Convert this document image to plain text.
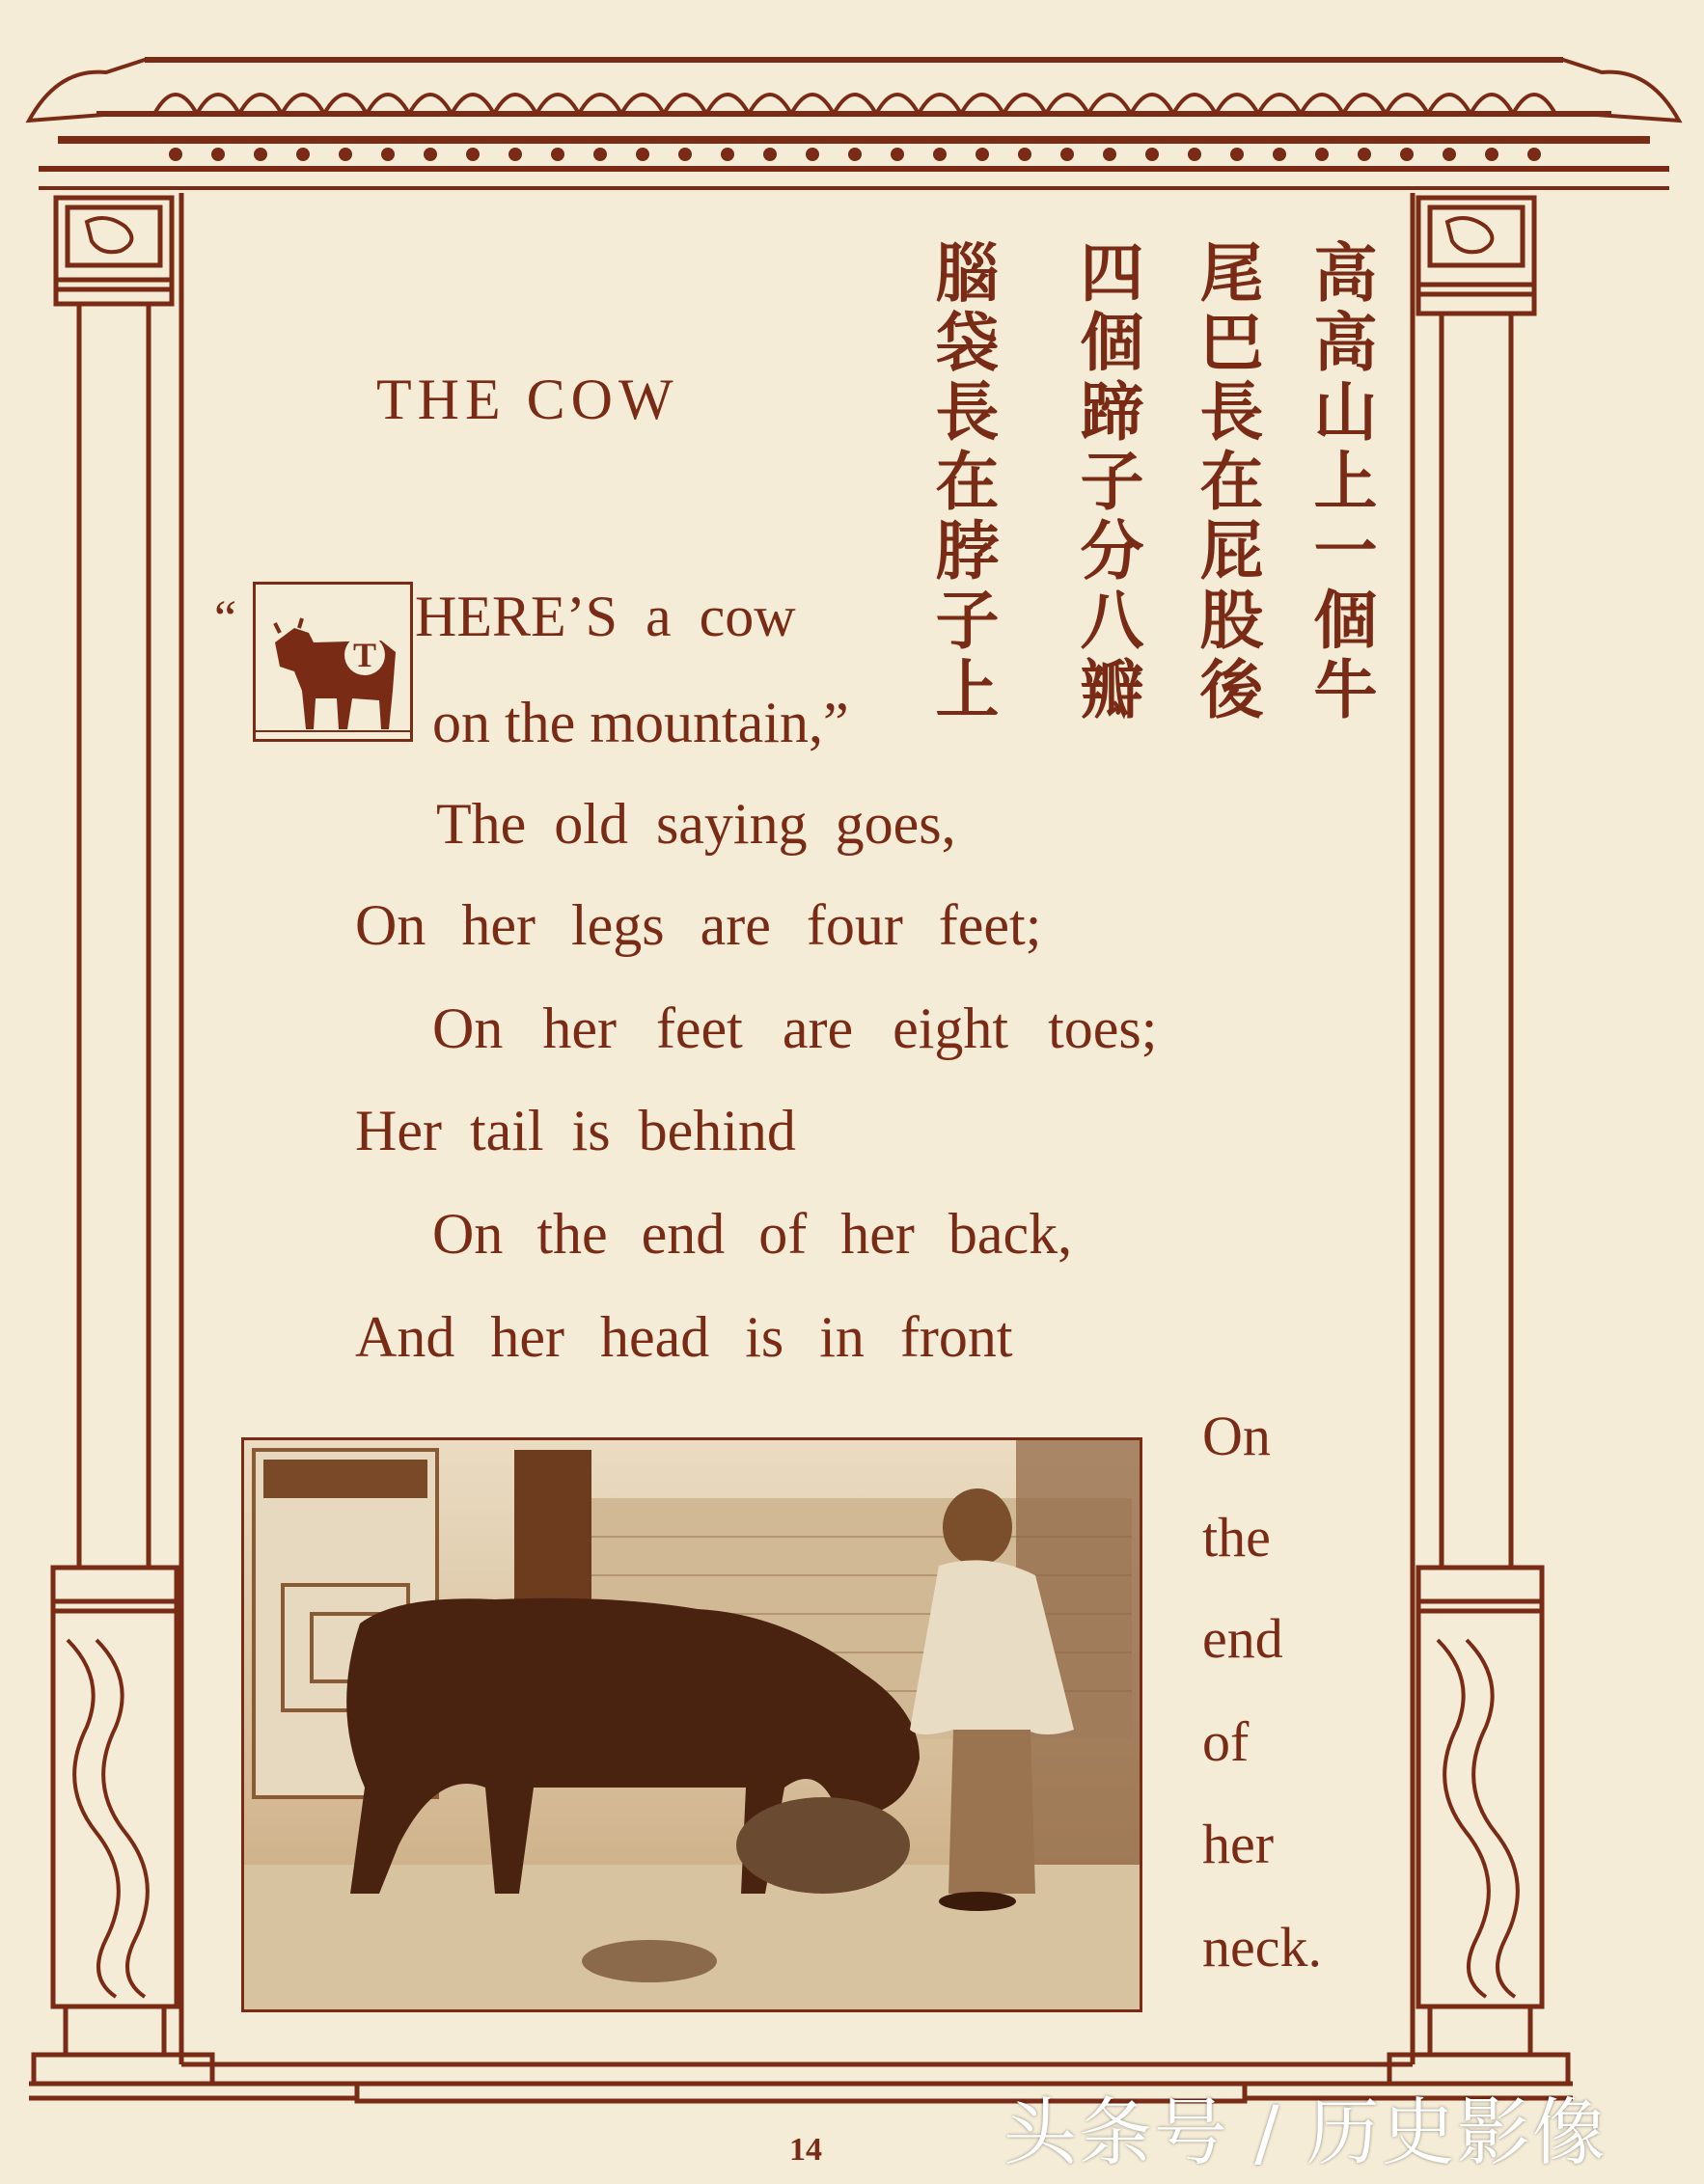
THE COW	高高山上一個牛
尾巴長在屁股後
四個蹄子分八瓣
腦袋長在脖子上
“
T
HERE’S a cow
on the mountain,”
The old saying goes,
On her legs are four feet;
On her feet are eight toes;
Her tail is behind
On the end of her back,
And her head is in front
On
the
end
of
her
neck.
14 头条号 / 历史影像
